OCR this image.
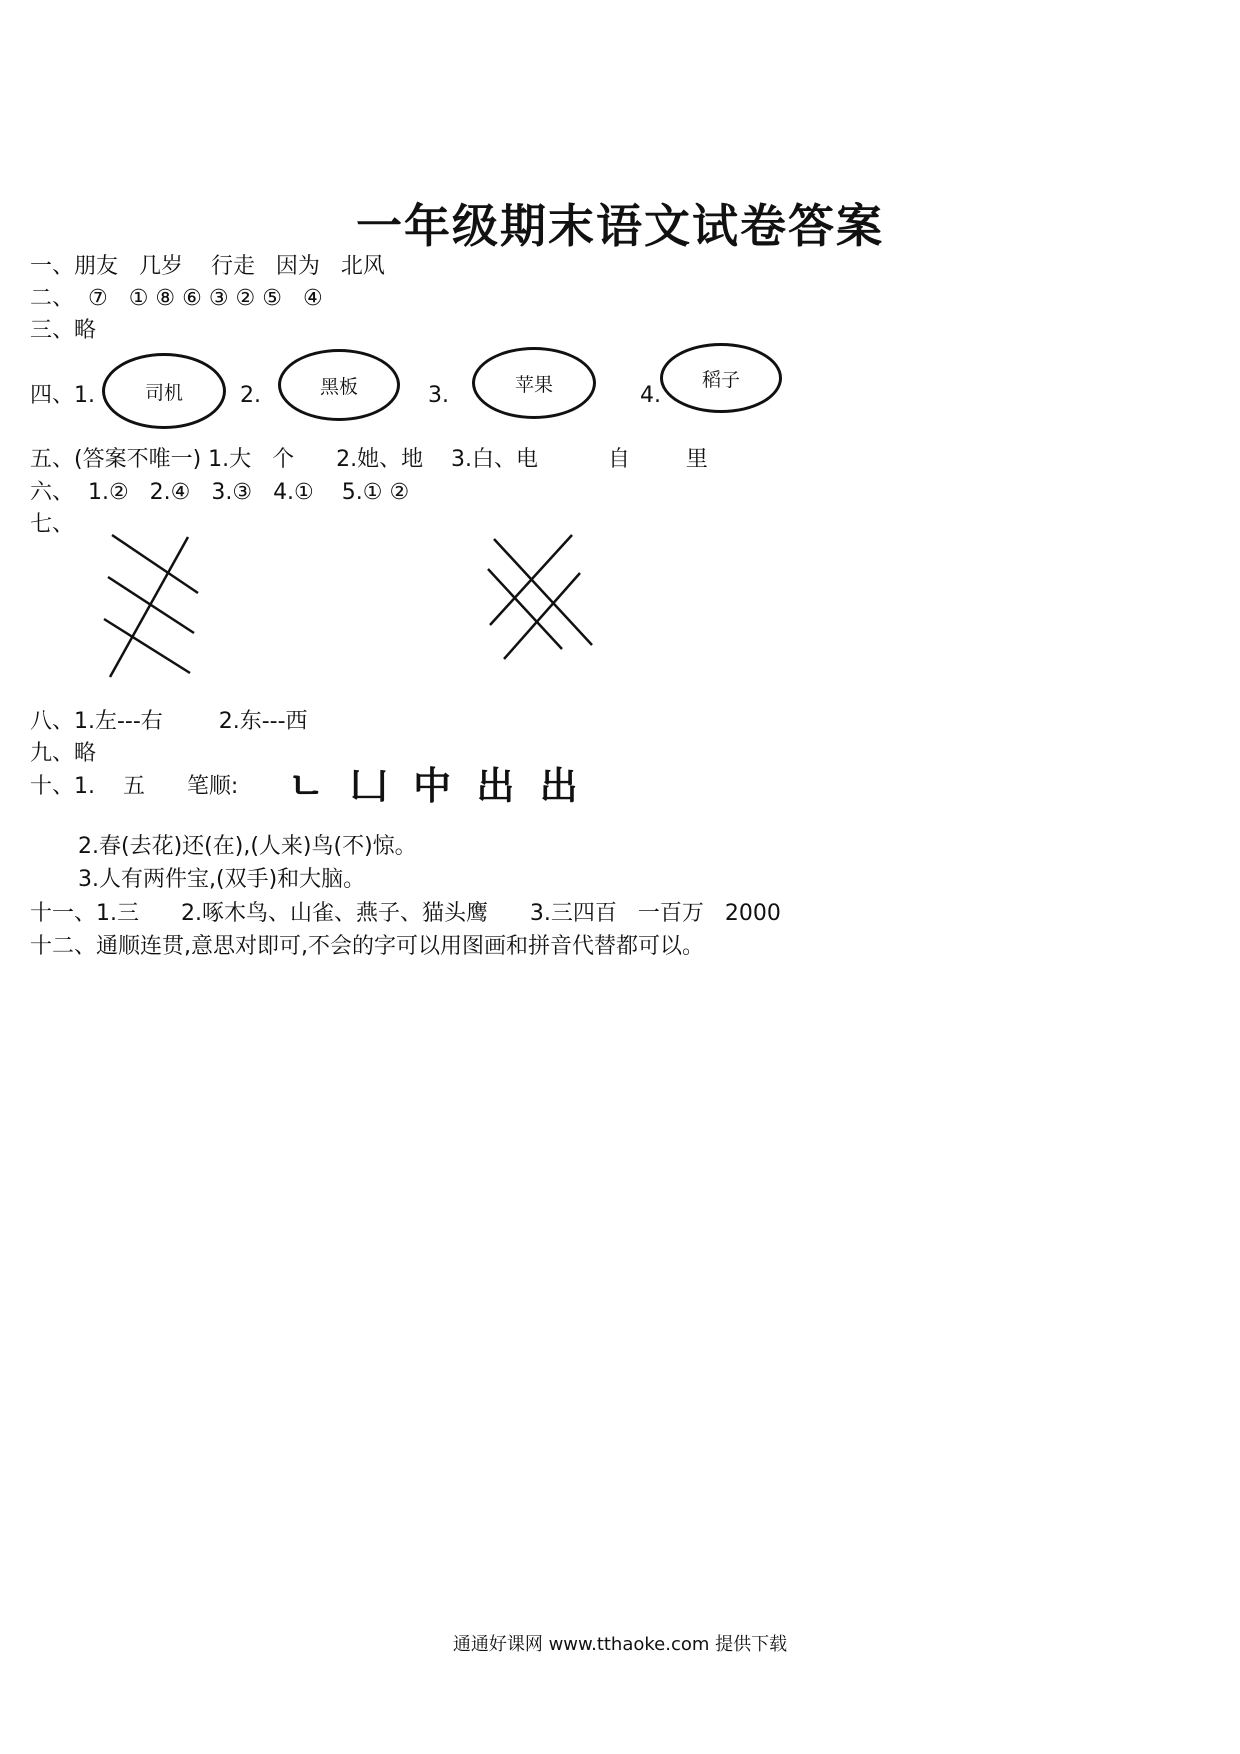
一年级期末语文试卷答案
一、朋友   几岁    行走   因为   北风
二、  ⑦   ① ⑧ ⑥ ③ ② ⑤   ④
三、略
四、1.	司机	2.	黑板	3.	苹果	4.
稻子
五、(答案不唯一) 1.大   个      2.她、地    3.白、电          自        里
六、  1.②   2.④   3.③   4.①    5.① ②
七、
八、1.左---右        2.东---西
九、略
十、1.    五      笔顺: ㄴ 凵 中 出 出
2.春(去花)还(在),(人来)鸟(不)惊。
3.人有两件宝,(双手)和大脑。
十一、1.三      2.啄木鸟、山雀、燕子、猫头鹰      3.三四百   一百万   2000
十二、通顺连贯,意思对即可,不会的字可以用图画和拼音代替都可以。
通通好课网 www.tthaoke.com 提供下载
